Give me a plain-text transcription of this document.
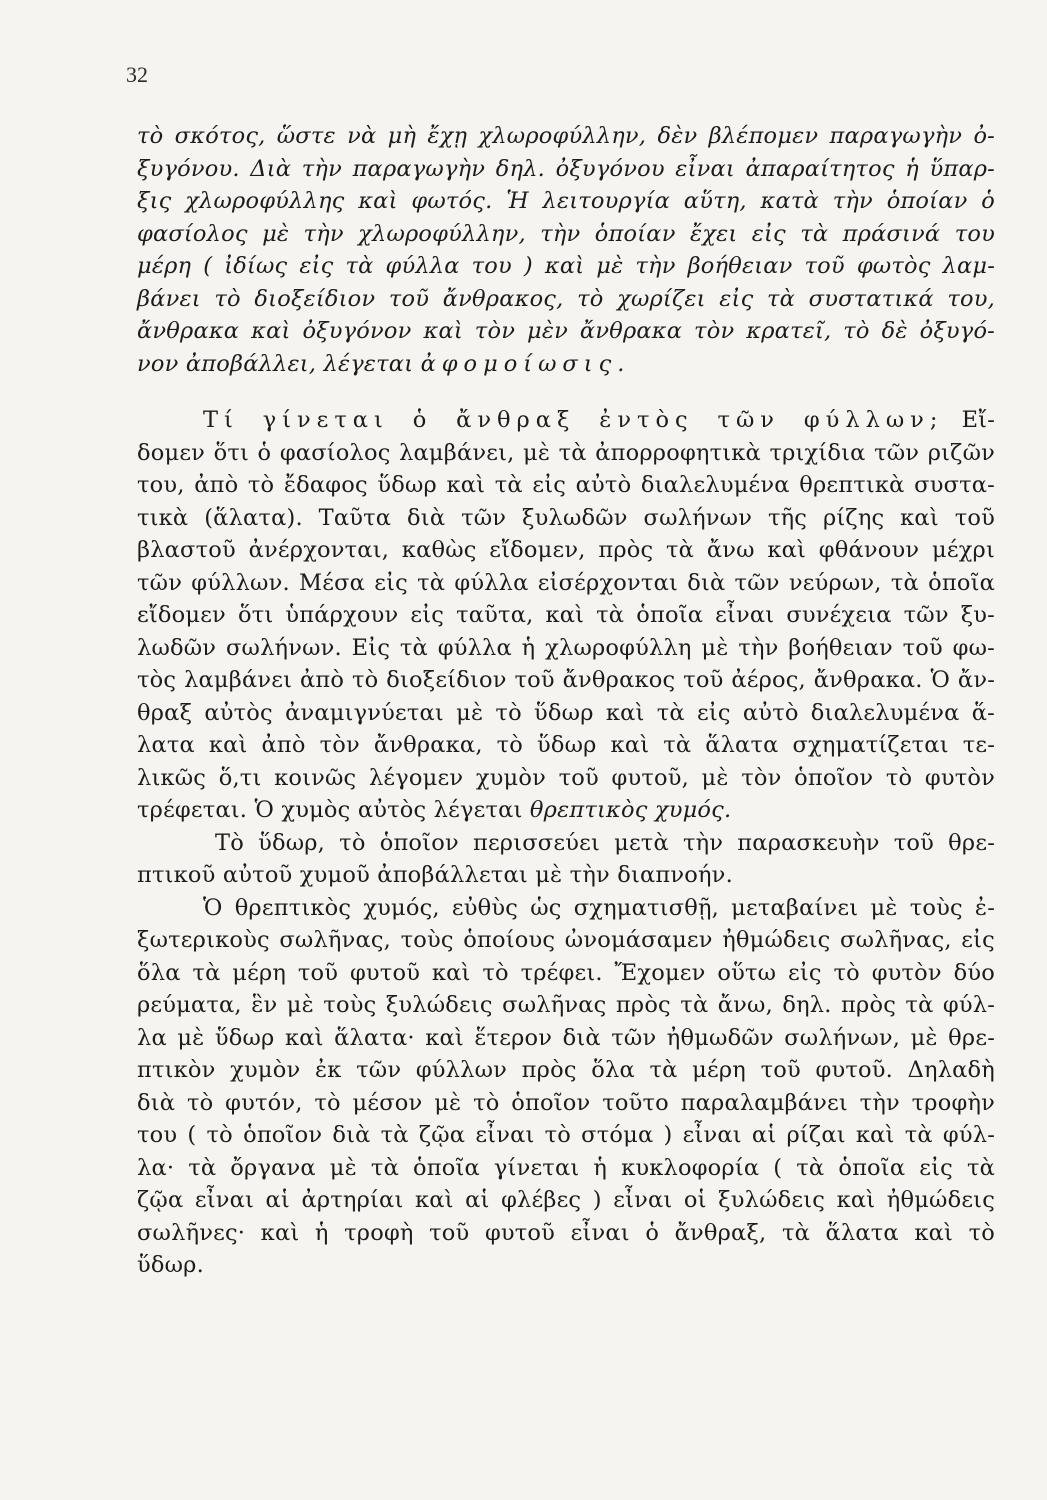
32
τὸ σκότος, ὥστε νὰ μὴ ἔχῃ χλωροφύλλην, δὲν βλέπομεν παραγωγὴν ὀ-
ξυγόνου. Διὰ τὴν παραγωγὴν δηλ. ὀξυγόνου εἶναι ἀπαραίτητος ἡ ὕπαρ-
ξις χλωροφύλλης καὶ φωτός. Ἡ λειτουργία αὕτη, κατὰ τὴν ὁποίαν ὁ
φασίολος μὲ τὴν χλωροφύλλην, τὴν ὁποίαν ἔχει εἰς τὰ πράσινά του
μέρη ( ἰδίως εἰς τὰ φύλλα του ) καὶ μὲ τὴν βοήθειαν τοῦ φωτὸς λαμ-
βάνει τὸ διοξείδιον τοῦ ἄνθρακος, τὸ χωρίζει εἰς τὰ συστατικά του,
ἄνθρακα καὶ ὀξυγόνον καὶ τὸν μὲν ἄνθρακα τὸν κρατεῖ, τὸ δὲ ὀξυγό-
νον ἀποβάλλει, λέγεται ἀφομοίωσις.
Τί γίνεται ὁ ἄνθραξ ἐντὸς τῶν φύλλων; Εἴ-
δομεν ὅτι ὁ φασίολος λαμβάνει, μὲ τὰ ἀπορροφητικὰ τριχίδια τῶν ριζῶν
του, ἀπὸ τὸ ἔδαφος ὕδωρ καὶ τὰ εἰς αὐτὸ διαλελυμένα θρεπτικὰ συστα-
τικὰ (ἅλατα). Ταῦτα διὰ τῶν ξυλωδῶν σωλήνων τῆς ρίζης καὶ τοῦ
βλαστοῦ ἀνέρχονται, καθὼς εἴδομεν, πρὸς τὰ ἄνω καὶ φθάνουν μέχρι
τῶν φύλλων. Μέσα εἰς τὰ φύλλα εἰσέρχονται διὰ τῶν νεύρων, τὰ ὁποῖα
εἴδομεν ὅτι ὑπάρχουν εἰς ταῦτα, καὶ τὰ ὁποῖα εἶναι συνέχεια τῶν ξυ-
λωδῶν σωλήνων. Εἰς τὰ φύλλα ἡ χλωροφύλλη μὲ τὴν βοήθειαν τοῦ φω-
τὸς λαμβάνει ἀπὸ τὸ διοξείδιον τοῦ ἄνθρακος τοῦ ἀέρος, ἄνθρακα. Ὁ ἄν-
θραξ αὐτὸς ἀναμιγνύεται μὲ τὸ ὕδωρ καὶ τὰ εἰς αὐτὸ διαλελυμένα ἅ-
λατα καὶ ἀπὸ τὸν ἄνθρακα, τὸ ὕδωρ καὶ τὰ ἅλατα σχηματίζεται τε-
λικῶς ὅ,τι κοινῶς λέγομεν χυμὸν τοῦ φυτοῦ, μὲ τὸν ὁποῖον τὸ φυτὸν
τρέφεται. Ὁ χυμὸς αὐτὸς λέγεται θρεπτικὸς χυμός.
Τὸ ὕδωρ, τὸ ὁποῖον περισσεύει μετὰ τὴν παρασκευὴν τοῦ θρε-
πτικοῦ αὐτοῦ χυμοῦ ἀποβάλλεται μὲ τὴν διαπνοήν.
Ὁ θρεπτικὸς χυμός, εὐθὺς ὡς σχηματισθῇ, μεταβαίνει μὲ τοὺς ἐ-
ξωτερικοὺς σωλῆνας, τοὺς ὁποίους ὠνομάσαμεν ἠθμώδεις σωλῆνας, εἰς
ὅλα τὰ μέρη τοῦ φυτοῦ καὶ τὸ τρέφει. Ἔχομεν οὕτω εἰς τὸ φυτὸν δύο
ρεύματα, ἓν μὲ τοὺς ξυλώδεις σωλῆνας πρὸς τὰ ἄνω, δηλ. πρὸς τὰ φύλ-
λα μὲ ὕδωρ καὶ ἅλατα· καὶ ἕτερον διὰ τῶν ἠθμωδῶν σωλήνων, μὲ θρε-
πτικὸν χυμὸν ἐκ τῶν φύλλων πρὸς ὅλα τὰ μέρη τοῦ φυτοῦ. Δηλαδὴ
διὰ τὸ φυτόν, τὸ μέσον μὲ τὸ ὁποῖον τοῦτο παραλαμβάνει τὴν τροφὴν
του ( τὸ ὁποῖον διὰ τὰ ζῷα εἶναι τὸ στόμα ) εἶναι αἱ ρίζαι καὶ τὰ φύλ-
λα· τὰ ὄργανα μὲ τὰ ὁποῖα γίνεται ἡ κυκλοφορία ( τὰ ὁποῖα εἰς τὰ
ζῷα εἶναι αἱ ἀρτηρίαι καὶ αἱ φλέβες ) εἶναι οἱ ξυλώδεις καὶ ἠθμώδεις
σωλῆνες· καὶ ἡ τροφὴ τοῦ φυτοῦ εἶναι ὁ ἄνθραξ, τὰ ἅλατα καὶ τὸ
ὕδωρ.
